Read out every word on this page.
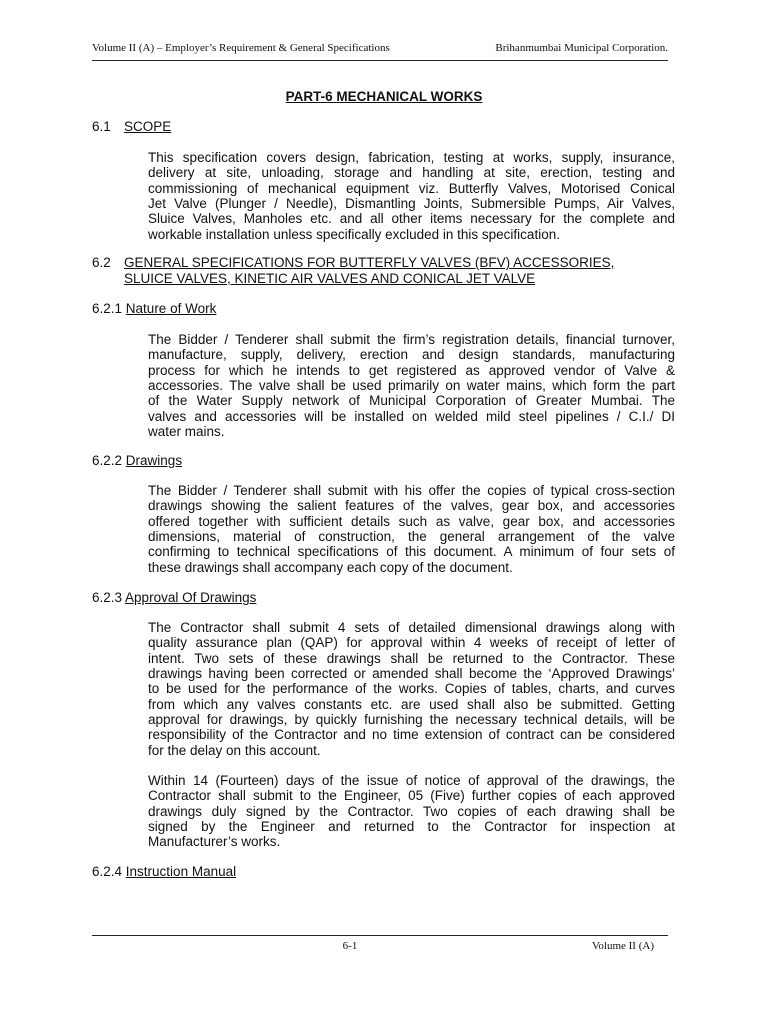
Volume II (A) – Employer’s Requirement & General Specifications	Brihanmumbai Municipal Corporation.
PART-6 MECHANICAL WORKS
6.1 SCOPE
This specification covers design, fabrication, testing at works, supply, insurance,
delivery at site, unloading, storage and handling at site, erection, testing and
commissioning of mechanical equipment viz. Butterfly Valves, Motorised Conical
Jet Valve (Plunger / Needle), Dismantling Joints, Submersible Pumps, Air Valves,
Sluice Valves, Manholes etc. and all other items necessary for the complete and
workable installation unless specifically excluded in this specification.
6.2 GENERAL SPECIFICATIONS FOR BUTTERFLY VALVES (BFV) ACCESSORIES,
SLUICE VALVES, KINETIC AIR VALVES AND CONICAL JET VALVE
6.2.1 Nature of Work
The Bidder / Tenderer shall submit the firm’s registration details, financial turnover,
manufacture, supply, delivery, erection and design standards, manufacturing
process for which he intends to get registered as approved vendor of Valve &
accessories. The valve shall be used primarily on water mains, which form the part
of the Water Supply network of Municipal Corporation of Greater Mumbai. The
valves and accessories will be installed on welded mild steel pipelines / C.I./ DI
water mains.
6.2.2 Drawings
The Bidder / Tenderer shall submit with his offer the copies of typical cross-section
drawings showing the salient features of the valves, gear box, and accessories
offered together with sufficient details such as valve, gear box, and accessories
dimensions, material of construction, the general arrangement of the valve
confirming to technical specifications of this document. A minimum of four sets of
these drawings shall accompany each copy of the document.
6.2.3 Approval Of Drawings
The Contractor shall submit 4 sets of detailed dimensional drawings along with
quality assurance plan (QAP) for approval within 4 weeks of receipt of letter of
intent. Two sets of these drawings shall be returned to the Contractor. These
drawings having been corrected or amended shall become the ‘Approved Drawings’
to be used for the performance of the works. Copies of tables, charts, and curves
from which any valves constants etc. are used shall also be submitted. Getting
approval for drawings, by quickly furnishing the necessary technical details, will be
responsibility of the Contractor and no time extension of contract can be considered
for the delay on this account.
Within 14 (Fourteen) days of the issue of notice of approval of the drawings, the
Contractor shall submit to the Engineer, 05 (Five) further copies of each approved
drawings duly signed by the Contractor. Two copies of each drawing shall be
signed by the Engineer and returned to the Contractor for inspection at
Manufacturer’s works.
6.2.4 Instruction Manual
6-1	Volume II (A)
